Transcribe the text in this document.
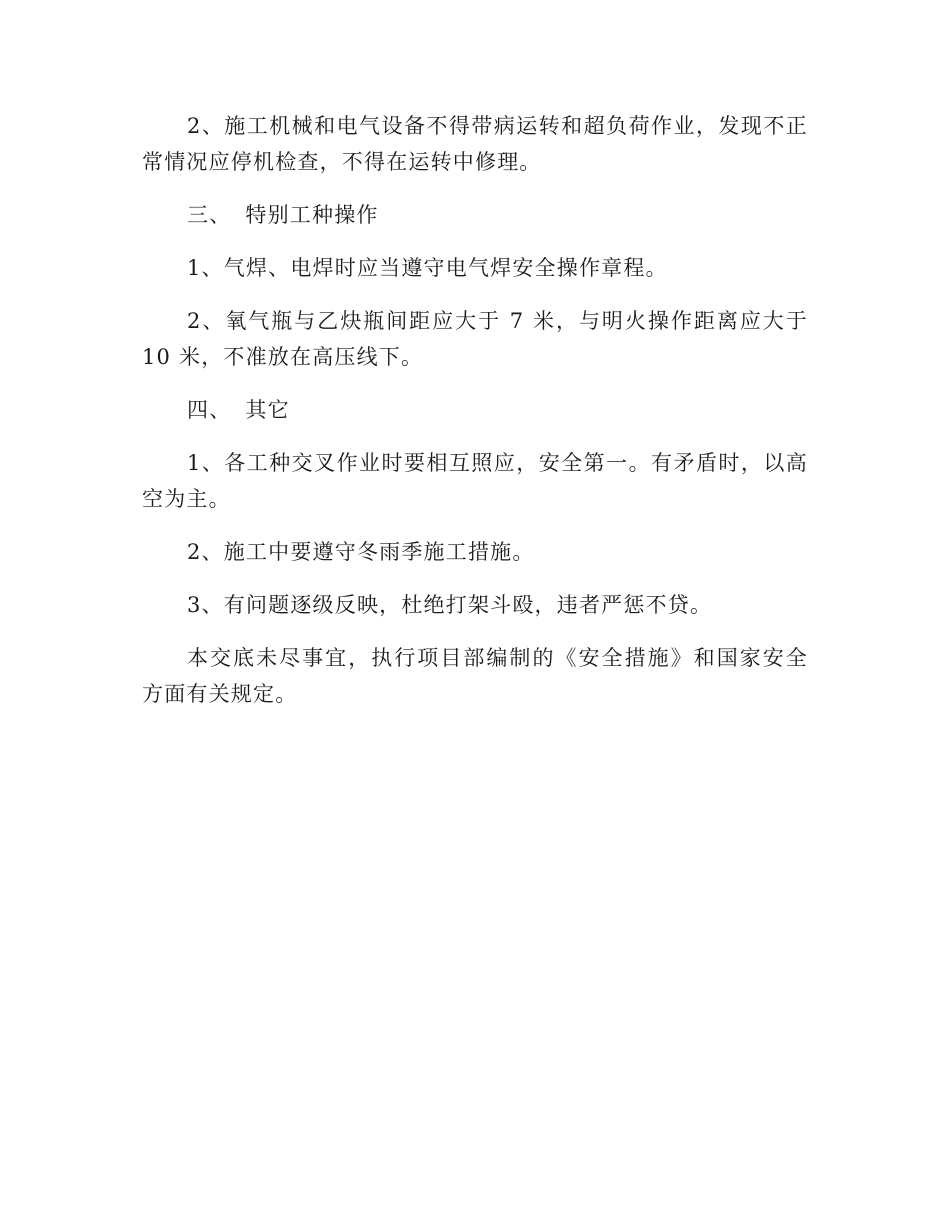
2、施工机械和电气设备不得带病运转和超负荷作业，发现不正常情况应停机检查，不得在运转中修理。

三、 特别工种操作

1、气焊、电焊时应当遵守电气焊安全操作章程。

2、氧气瓶与乙炔瓶间距应大于 7 米，与明火操作距离应大于 10 米，不准放在高压线下。

四、 其它

1、各工种交叉作业时要相互照应，安全第一。有矛盾时，以高空为主。

2、施工中要遵守冬雨季施工措施。

3、有问题逐级反映，杜绝打架斗殴，违者严惩不贷。

本交底未尽事宜，执行项目部编制的《安全措施》和国家安全方面有关规定。
